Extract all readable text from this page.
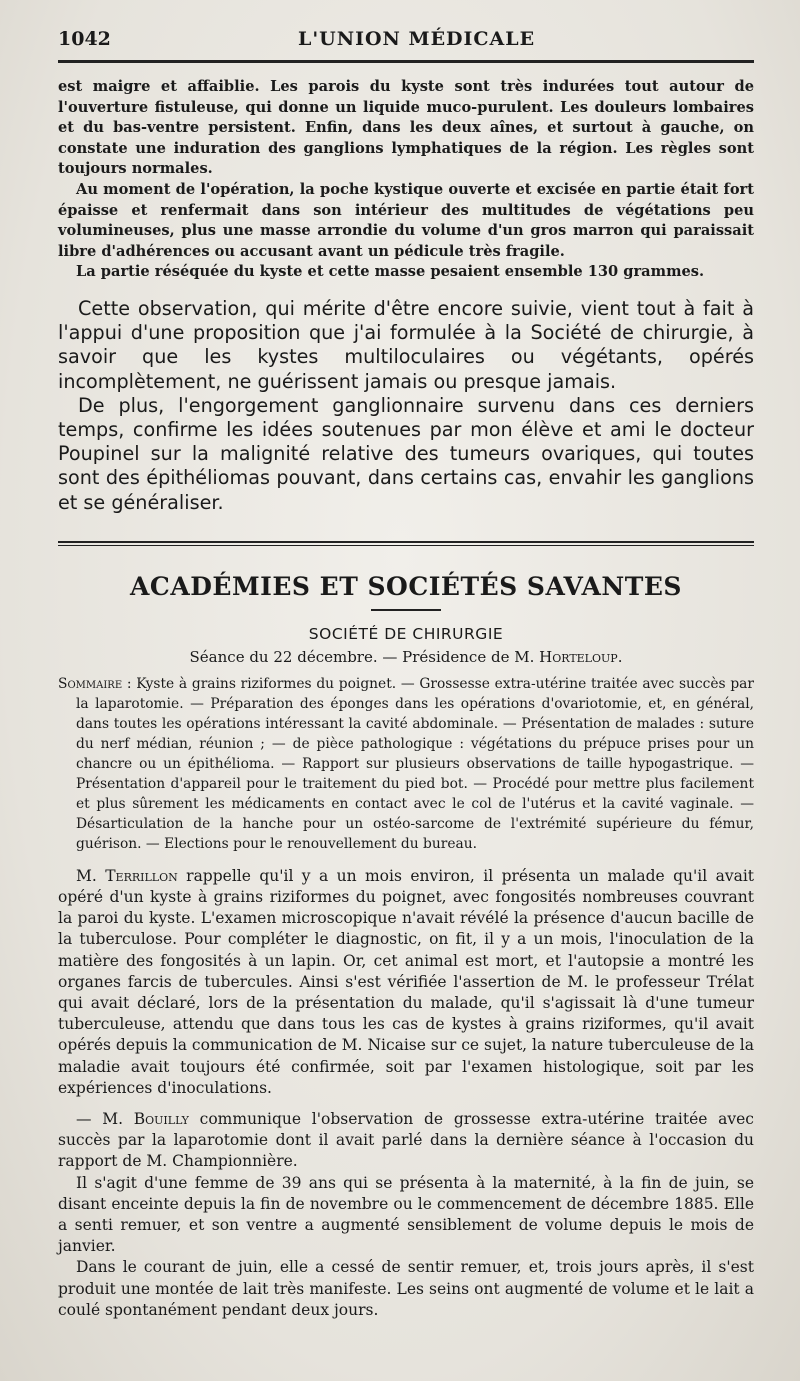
1042	L'UNION MÉDICALE

est maigre et affaiblie. Les parois du kyste sont très indurées tout autour de l'ouverture fistuleuse, qui donne un liquide muco-purulent. Les douleurs lombaires et du bas-ventre persistent. Enfin, dans les deux aînes, et surtout à gauche, on constate une induration des ganglions lymphatiques de la région. Les règles sont toujours normales.

Au moment de l'opération, la poche kystique ouverte et excisée en partie était fort épaisse et renfermait dans son intérieur des multitudes de végétations peu volumineuses, plus une masse arrondie du volume d'un gros marron qui paraissait libre d'adhérences ou accusant avant un pédicule très fragile.

La partie réséquée du kyste et cette masse pesaient ensemble 130 grammes.

Cette observation, qui mérite d'être encore suivie, vient tout à fait à l'appui d'une proposition que j'ai formulée à la Société de chirurgie, à savoir que les kystes multiloculaires ou végétants, opérés incomplètement, ne guérissent jamais ou presque jamais.

De plus, l'engorgement ganglionnaire survenu dans ces derniers temps, confirme les idées soutenues par mon élève et ami le docteur Poupinel sur la malignité relative des tumeurs ovariques, qui toutes sont des épithéliomas pouvant, dans certains cas, envahir les ganglions et se généraliser.

ACADÉMIES ET SOCIÉTÉS SAVANTES
SOCIÉTÉ DE CHIRURGIE
Séance du 22 décembre. — Présidence de M. Horteloup.

Sommaire : Kyste à grains riziformes du poignet. — Grossesse extra-utérine traitée avec succès par la laparotomie. — Préparation des éponges dans les opérations d'ovariotomie, et, en général, dans toutes les opérations intéressant la cavité abdominale. — Présentation de malades : suture du nerf médian, réunion ; — de pièce pathologique : végétations du prépuce prises pour un chancre ou un épithélioma. — Rapport sur plusieurs observations de taille hypogastrique. — Présentation d'appareil pour le traitement du pied bot. — Procédé pour mettre plus facilement et plus sûrement les médicaments en contact avec le col de l'utérus et la cavité vaginale. — Désarticulation de la hanche pour un ostéo-sarcome de l'extrémité supérieure du fémur, guérison. — Elections pour le renouvellement du bureau.

M. Terrillon rappelle qu'il y a un mois environ, il présenta un malade qu'il avait opéré d'un kyste à grains riziformes du poignet, avec fongosités nombreuses couvrant la paroi du kyste. L'examen microscopique n'avait révélé la présence d'aucun bacille de la tuberculose. Pour compléter le diagnostic, on fit, il y a un mois, l'inoculation de la matière des fongosités à un lapin. Or, cet animal est mort, et l'autopsie a montré les organes farcis de tubercules. Ainsi s'est vérifiée l'assertion de M. le professeur Trélat qui avait déclaré, lors de la présentation du malade, qu'il s'agissait là d'une tumeur tuberculeuse, attendu que dans tous les cas de kystes à grains riziformes, qu'il avait opérés depuis la communication de M. Nicaise sur ce sujet, la nature tuberculeuse de la maladie avait toujours été confirmée, soit par l'examen histologique, soit par les expériences d'inoculations.

— M. Bouilly communique l'observation de grossesse extra-utérine traitée avec succès par la laparotomie dont il avait parlé dans la dernière séance à l'occasion du rapport de M. Championnière.

Il s'agit d'une femme de 39 ans qui se présenta à la maternité, à la fin de juin, se disant enceinte depuis la fin de novembre ou le commencement de décembre 1885. Elle a senti remuer, et son ventre a augmenté sensiblement de volume depuis le mois de janvier.

Dans le courant de juin, elle a cessé de sentir remuer, et, trois jours après, il s'est produit une montée de lait très manifeste. Les seins ont augmenté de volume et le lait a coulé spontanément pendant deux jours.
